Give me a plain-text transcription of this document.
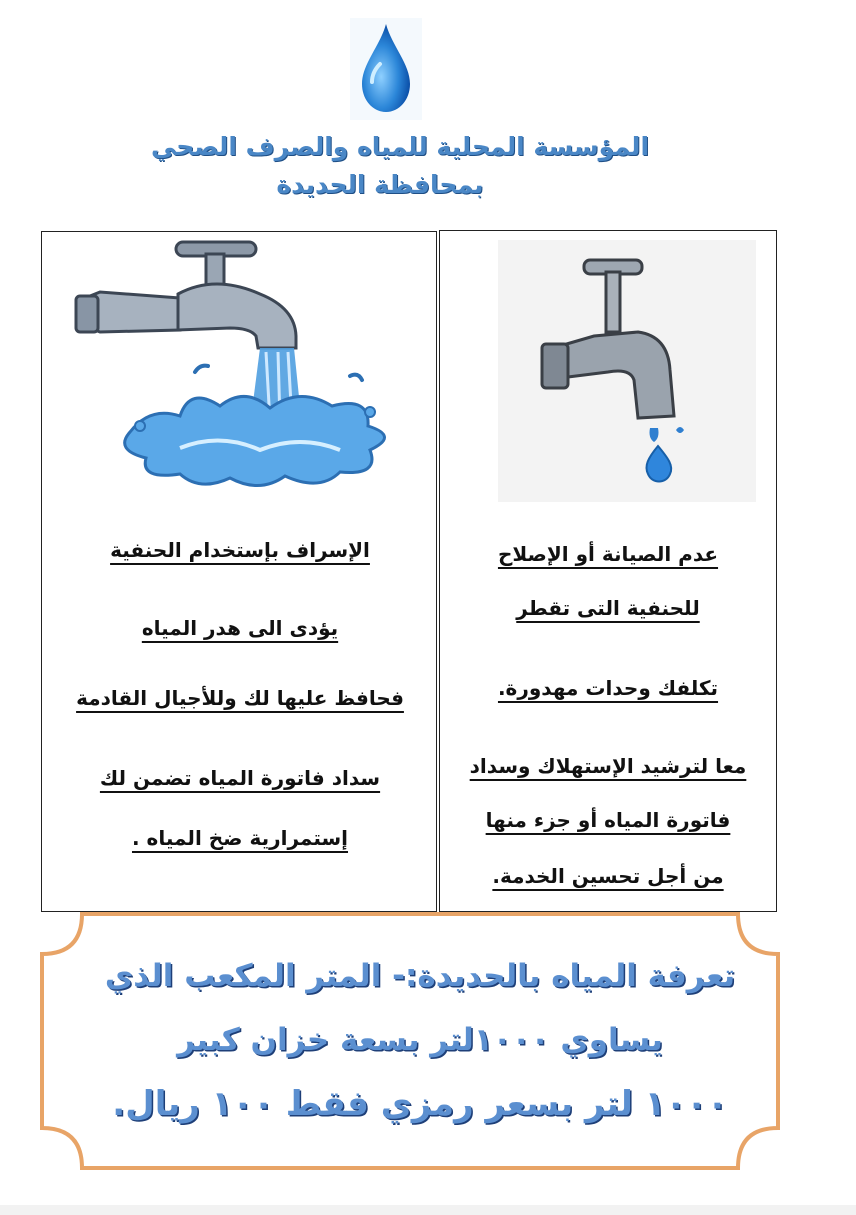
المؤسسة المحلية للمياه والصرف الصحي
بمحافظة الحديدة
الإسراف بإستخدام الحنفية
يؤدى الى هدر المياه
فحافظ عليها لك وللأجيال القادمة
سداد فاتورة المياه تضمن لك
إستمرارية ضخ المياه .
عدم الصيانة أو الإصلاح
للحنفية التى تقطر
تكلفك وحدات مهدورة.
معا لترشيد الإستهلاك وسداد
فاتورة المياه أو جزء منها
من أجل تحسين الخدمة.
تعرفة المياه بالحديدة:- المتر المكعب الذي
يساوي ١٠٠٠لتر بسعة خزان كبير
١٠٠٠ لتر بسعر رمزي فقط ١٠٠ ريال.
